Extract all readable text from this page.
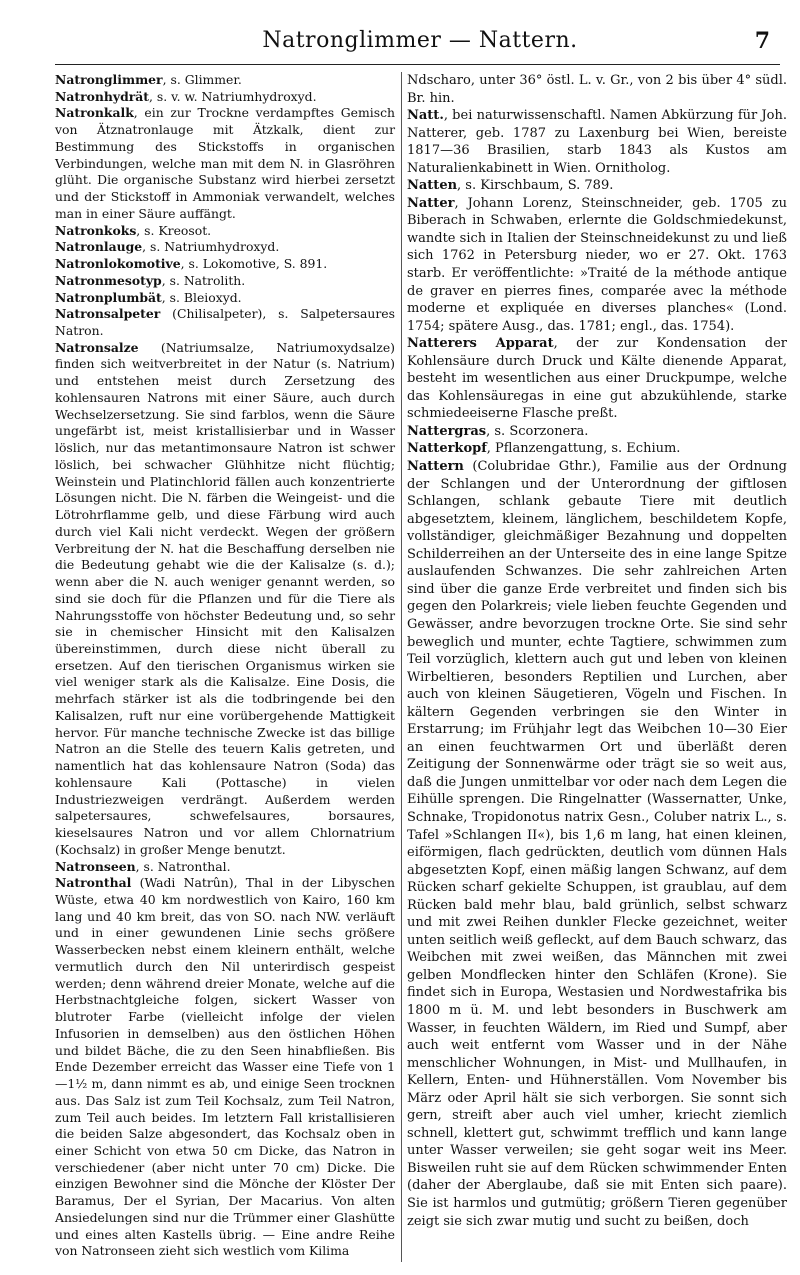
Natronglimmer — Nattern.	7

Natronglimmer, s. Glimmer.

Natronhydrät, s. v. w. Natriumhydroxyd.

Natronkalk, ein zur Trockne verdampftes Gemisch von Ätznatronlauge mit Ätzkalk, dient zur Bestimmung des Stickstoffs in organischen Verbindungen, welche man mit dem N. in Glasröhren glüht. Die organische Substanz wird hierbei zersetzt und der Stickstoff in Ammoniak verwandelt, welches man in einer Säure auffängt.

Natronkoks, s. Kreosot.

Natronlauge, s. Natriumhydroxyd.

Natronlokomotive, s. Lokomotive, S. 891.

Natronmesotyp, s. Natrolith.

Natronplumbät, s. Bleioxyd.

Natronsalpeter (Chilisalpeter), s. Salpetersaures Natron.

Natronsalze (Natriumsalze, Natriumoxydsalze) finden sich weitverbreitet in der Natur (s. Natrium) und entstehen meist durch Zersetzung des kohlensauren Natrons mit einer Säure, auch durch Wechselzersetzung. Sie sind farblos, wenn die Säure ungefärbt ist, meist kristallisierbar und in Wasser löslich, nur das metantimonsaure Natron ist schwer löslich, bei schwacher Glühhitze nicht flüchtig; Weinstein und Platinchlorid fällen auch konzentrierte Lösungen nicht. Die N. färben die Weingeist- und die Lötrohrflamme gelb, und diese Färbung wird auch durch viel Kali nicht verdeckt. Wegen der größern Verbreitung der N. hat die Beschaffung derselben nie die Bedeutung gehabt wie die der Kalisalze (s. d.); wenn aber die N. auch weniger genannt werden, so sind sie doch für die Pflanzen und für die Tiere als Nahrungsstoffe von höchster Bedeutung und, so sehr sie in chemischer Hinsicht mit den Kalisalzen übereinstimmen, durch diese nicht überall zu ersetzen. Auf den tierischen Organismus wirken sie viel weniger stark als die Kalisalze. Eine Dosis, die mehrfach stärker ist als die todbringende bei den Kalisalzen, ruft nur eine vorübergehende Mattigkeit hervor. Für manche technische Zwecke ist das billige Natron an die Stelle des teuern Kalis getreten, und namentlich hat das kohlensaure Natron (Soda) das kohlensaure Kali (Pottasche) in vielen Industriezweigen verdrängt. Außerdem werden salpetersaures, schwefelsaures, borsaures, kieselsaures Natron und vor allem Chlornatrium (Kochsalz) in großer Menge benutzt.

Natronseen, s. Natronthal.

Natronthal (Wadi Natrûn), Thal in der Libyschen Wüste, etwa 40 km nordwestlich von Kairo, 160 km lang und 40 km breit, das von SO. nach NW. verläuft und in einer gewundenen Linie sechs größere Wasserbecken nebst einem kleinern enthält, welche vermutlich durch den Nil unterirdisch gespeist werden; denn während dreier Monate, welche auf die Herbstnachtgleiche folgen, sickert Wasser von blutroter Farbe (vielleicht infolge der vielen Infusorien in demselben) aus den östlichen Höhen und bildet Bäche, die zu den Seen hinabfließen. Bis Ende Dezember erreicht das Wasser eine Tiefe von 1—1½ m, dann nimmt es ab, und einige Seen trocknen aus. Das Salz ist zum Teil Kochsalz, zum Teil Natron, zum Teil auch beides. Im letztern Fall kristallisieren die beiden Salze abgesondert, das Kochsalz oben in einer Schicht von etwa 50 cm Dicke, das Natron in verschiedener (aber nicht unter 70 cm) Dicke. Die einzigen Bewohner sind die Mönche der Klöster Der Baramus, Der el Syrian, Der Macarius. Von alten Ansiedelungen sind nur die Trümmer einer Glashütte und eines alten Kastells übrig. — Eine andre Reihe von Natronseen zieht sich westlich vom Kilima

Ndscharo, unter 36° östl. L. v. Gr., von 2 bis über 4° südl. Br. hin.

Natt., bei naturwissenschaftl. Namen Abkürzung für Joh. Natterer, geb. 1787 zu Laxenburg bei Wien, bereiste 1817—36 Brasilien, starb 1843 als Kustos am Naturalienkabinett in Wien. Ornitholog.

Natten, s. Kirschbaum, S. 789.

Natter, Johann Lorenz, Steinschneider, geb. 1705 zu Biberach in Schwaben, erlernte die Goldschmiedekunst, wandte sich in Italien der Steinschneidekunst zu und ließ sich 1762 in Petersburg nieder, wo er 27. Okt. 1763 starb. Er veröffentlichte: »Traité de la méthode antique de graver en pierres fines, comparée avec la méthode moderne et expliquée en diverses planches« (Lond. 1754; spätere Ausg., das. 1781; engl., das. 1754).

Natterers Apparat, der zur Kondensation der Kohlensäure durch Druck und Kälte dienende Apparat, besteht im wesentlichen aus einer Druckpumpe, welche das Kohlensäuregas in eine gut abzukühlende, starke schmiedeeiserne Flasche preßt.

Nattergras, s. Scorzonera.

Natterkopf, Pflanzengattung, s. Echium.

Nattern (Colubridae Gthr.), Familie aus der Ordnung der Schlangen und der Unterordnung der giftlosen Schlangen, schlank gebaute Tiere mit deutlich abgesetztem, kleinem, länglichem, beschildetem Kopfe, vollständiger, gleichmäßiger Bezahnung und doppelten Schilderreihen an der Unterseite des in eine lange Spitze auslaufenden Schwanzes. Die sehr zahlreichen Arten sind über die ganze Erde verbreitet und finden sich bis gegen den Polarkreis; viele lieben feuchte Gegenden und Gewässer, andre bevorzugen trockne Orte. Sie sind sehr beweglich und munter, echte Tagtiere, schwimmen zum Teil vorzüglich, klettern auch gut und leben von kleinen Wirbeltieren, besonders Reptilien und Lurchen, aber auch von kleinen Säugetieren, Vögeln und Fischen. In kältern Gegenden verbringen sie den Winter in Erstarrung; im Frühjahr legt das Weibchen 10—30 Eier an einen feuchtwarmen Ort und überläßt deren Zeitigung der Sonnenwärme oder trägt sie so weit aus, daß die Jungen unmittelbar vor oder nach dem Legen die Eihülle sprengen. Die Ringelnatter (Wassernatter, Unke, Schnake, Tropidonotus natrix Gesn., Coluber natrix L., s. Tafel »Schlangen II«), bis 1,6 m lang, hat einen kleinen, eiförmigen, flach gedrückten, deutlich vom dünnen Hals abgesetzten Kopf, einen mäßig langen Schwanz, auf dem Rücken scharf gekielte Schuppen, ist graublau, auf dem Rücken bald mehr blau, bald grünlich, selbst schwarz und mit zwei Reihen dunkler Flecke gezeichnet, weiter unten seitlich weiß gefleckt, auf dem Bauch schwarz, das Weibchen mit zwei weißen, das Männchen mit zwei gelben Mondflecken hinter den Schläfen (Krone). Sie findet sich in Europa, Westasien und Nordwestafrika bis 1800 m ü. M. und lebt besonders in Buschwerk am Wasser, in feuchten Wäldern, im Ried und Sumpf, aber auch weit entfernt vom Wasser und in der Nähe menschlicher Wohnungen, in Mist- und Mullhaufen, in Kellern, Enten- und Hühnerställen. Vom November bis März oder April hält sie sich verborgen. Sie sonnt sich gern, streift aber auch viel umher, kriecht ziemlich schnell, klettert gut, schwimmt trefflich und kann lange unter Wasser verweilen; sie geht sogar weit ins Meer. Bisweilen ruht sie auf dem Rücken schwimmender Enten (daher der Aberglaube, daß sie mit Enten sich paare). Sie ist harmlos und gutmütig; größern Tieren gegenüber zeigt sie sich zwar mutig und sucht zu beißen, doch
